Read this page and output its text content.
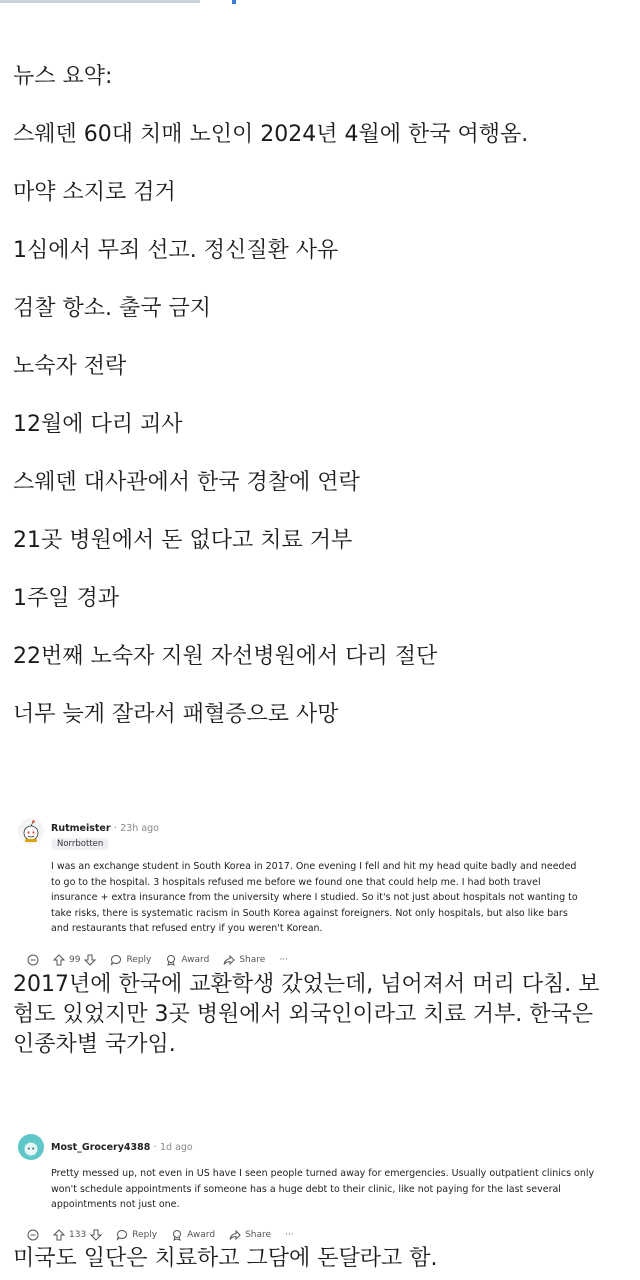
뉴스 요약:
스웨덴 60대 치매 노인이 2024년 4월에 한국 여행옴.
마약 소지로 검거
1심에서 무죄 선고. 정신질환 사유
검찰 항소. 출국 금지
노숙자 전락
12월에 다리 괴사
스웨덴 대사관에서 한국 경찰에 연락
21곳 병원에서 돈 없다고 치료 거부
1주일 경과
22번째 노숙자 지원 자선병원에서 다리 절단
너무 늦게 잘라서 패혈증으로 사망
Rutmeister · 23h ago
Norrbotten
I was an exchange student in South Korea in 2017. One evening I fell and hit my head quite badly and needed
to go to the hospital. 3 hospitals refused me before we found one that could help me. I had both travel
insurance + extra insurance from the university where I studied. So it's not just about hospitals not wanting to
take risks, there is systematic racism in South Korea against foreigners. Not only hospitals, but also like bars
and restaurants that refused entry if you weren't Korean.
99	Reply	Award	Share ···
2017년에 한국에 교환학생 갔었는데, 넘어져서 머리 다침. 보
험도 있었지만 3곳 병원에서 외국인이라고 치료 거부. 한국은
인종차별 국가임.
Most_Grocery4388 · 1d ago
Pretty messed up, not even in US have I seen people turned away for emergencies. Usually outpatient clinics only
won't schedule appointments if someone has a huge debt to their clinic, like not paying for the last several
appointments not just one.
133	Reply	Award	Share ···
미국도 일단은 치료하고 그담에 돈달라고 함.
